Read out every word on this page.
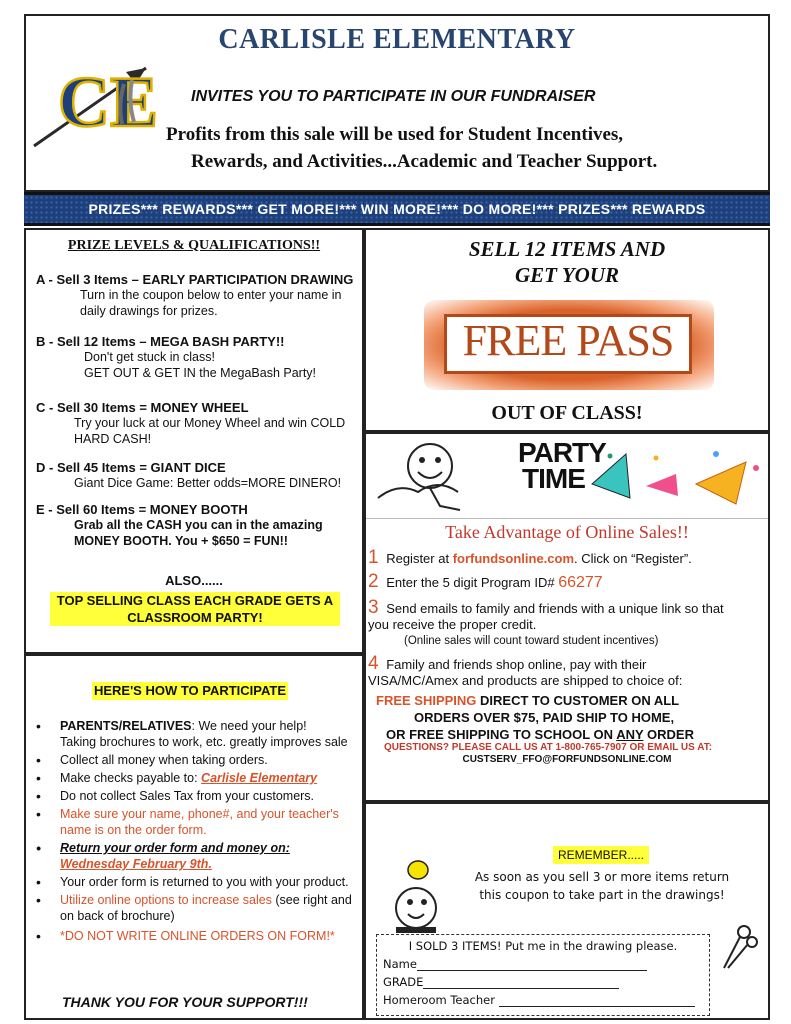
CE
CARLISLE ELEMENTARY
INVITES YOU TO PARTICIPATE IN OUR FUNDRAISER
Profits from this sale will be used for Student Incentives,
Rewards, and Activities...Academic and Teacher Support.
PRIZES*** REWARDS*** GET MORE!*** WIN MORE!*** DO MORE!*** PRIZES*** REWARDS
PRIZE LEVELS & QUALIFICATIONS!!
A - Sell 3 Items – EARLY PARTICIPATION DRAWING
Turn in the coupon below to enter your name in
daily drawings for prizes.
B - Sell 12 Items – MEGA BASH PARTY!!
Don't get stuck in class!
GET OUT & GET IN the MegaBash Party!
C - Sell 30 Items = MONEY WHEEL
Try your luck at our Money Wheel and win COLD
HARD CASH!
D - Sell 45 Items = GIANT DICE
Giant Dice Game: Better odds=MORE DINERO!
E - Sell 60 Items = MONEY BOOTH
Grab all the CASH you can in the amazing
MONEY BOOTH. You + $650 = FUN!!
ALSO......
TOP SELLING CLASS EACH GRADE GETS A CLASSROOM PARTY!
SELL 12 ITEMS AND
GET YOUR
FREE PASS
OUT OF CLASS!
PARTY
TIME
Take Advantage of Online Sales!!
1 Register at forfundsonline.com. Click on “Register”.
2 Enter the 5 digit Program ID# 66277
3 Send emails to family and friends with a unique link so that
you receive the proper credit.
(Online sales will count toward student incentives)
4 Family and friends shop online, pay with their
VISA/MC/Amex and products are shipped to choice of:
FREE SHIPPING DIRECT TO CUSTOMER ON ALL
ORDERS OVER $75, PAID SHIP TO HOME,
OR FREE SHIPPING TO SCHOOL ON ANY ORDER
QUESTIONS? PLEASE CALL US AT 1-800-765-7907 OR EMAIL US AT:
CUSTSERV_FFO@FORFUNDSONLINE.COM
HERE'S HOW TO PARTICIPATE
• PARENTS/RELATIVES: We need your help!
Taking brochures to work, etc. greatly improves sale
• Collect all money when taking orders.
• Make checks payable to: Carlisle Elementary
• Do not collect Sales Tax from your customers.
• Make sure your name, phone#, and your teacher's
name is on the order form.
• Return your order form and money on:
Wednesday February 9th.
• Your order form is returned to you with your product.
• Utilize online options to increase sales (see right and
on back of brochure)
• *DO NOT WRITE ONLINE ORDERS ON FORM!*
THANK YOU FOR YOUR SUPPORT!!!
REMEMBER.....
As soon as you sell 3 or more items return
this coupon to take part in the drawings!
I SOLD 3 ITEMS! Put me in the drawing please.
Name
GRADE
Homeroom Teacher
